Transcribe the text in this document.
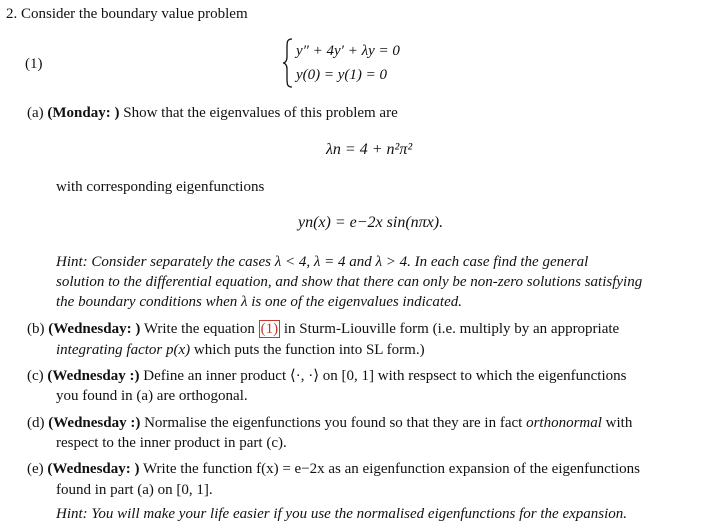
2. Consider the boundary value problem
(1)
y″ + 4y′ + λy = 0
y(0) = y(1) = 0
(a) (Monday: ) Show that the eigenvalues of this problem are
λn = 4 + n²π²
with corresponding eigenfunctions
yn(x) = e−2x sin(nπx).
Hint: Consider separately the cases λ < 4, λ = 4 and λ > 4. In each case find the general
solution to the differential equation, and show that there can only be non-zero solutions satisfying
the boundary conditions when λ is one of the eigenvalues indicated.
(b) (Wednesday: ) Write the equation (1) in Sturm-Liouville form (i.e. multiply by an appropriate
integrating factor p(x) which puts the function into SL form.)
(c) (Wednesday :) Define an inner product ⟨·, ·⟩ on [0, 1] with respsect to which the eigenfunctions
you found in (a) are orthogonal.
(d) (Wednesday :) Normalise the eigenfunctions you found so that they are in fact orthonormal with
respect to the inner product in part (c).
(e) (Wednesday: ) Write the function f(x) = e−2x as an eigenfunction expansion of the eigenfunctions
found in part (a) on [0, 1].
Hint: You will make your life easier if you use the normalised eigenfunctions for the expansion.
